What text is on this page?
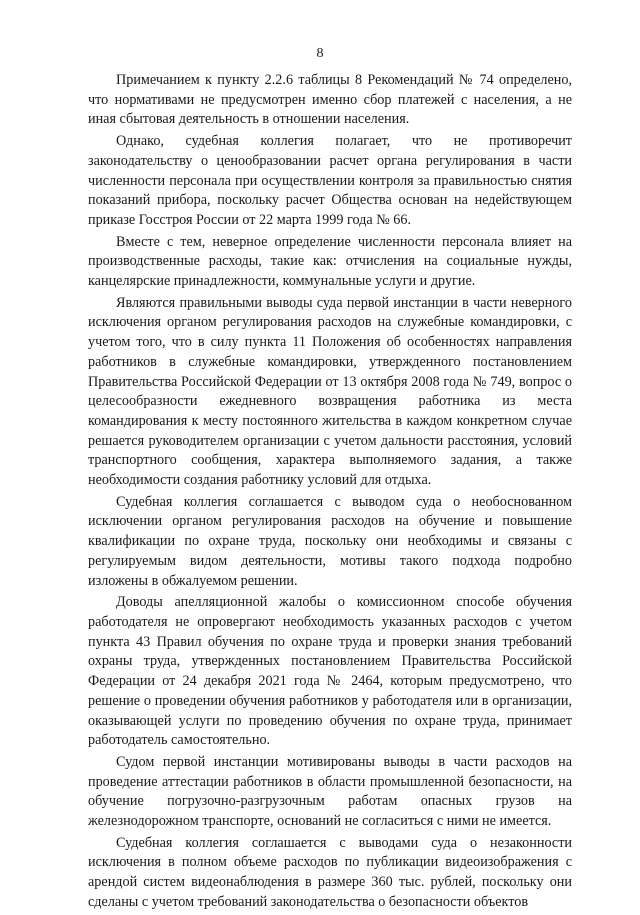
8

Примечанием к пункту 2.2.6 таблицы 8 Рекомендаций № 74 определено, что нормативами не предусмотрен именно сбор платежей с населения, а не иная сбытовая деятельность в отношении населения.

Однако, судебная коллегия полагает, что не противоречит законодательству о ценообразовании расчет органа регулирования в части численности персонала при осуществлении контроля за правильностью снятия показаний прибора, поскольку расчет Общества основан на недействующем приказе Госстроя России от 22 марта 1999 года № 66.

Вместе с тем, неверное определение численности персонала влияет на производственные расходы, такие как: отчисления на социальные нужды, канцелярские принадлежности, коммунальные услуги и другие.

Являются правильными выводы суда первой инстанции в части неверного исключения органом регулирования расходов на служебные командировки, с учетом того, что в силу пункта 11 Положения об особенностях направления работников в служебные командировки, утвержденного постановлением Правительства Российской Федерации от 13 октября 2008 года № 749, вопрос о целесообразности ежедневного возвращения работника из места командирования к месту постоянного жительства в каждом конкретном случае решается руководителем организации с учетом дальности расстояния, условий транспортного сообщения, характера выполняемого задания, а также необходимости создания работнику условий для отдыха.

Судебная коллегия соглашается с выводом суда о необоснованном исключении органом регулирования расходов на обучение и повышение квалификации по охране труда, поскольку они необходимы и связаны с регулируемым видом деятельности, мотивы такого подхода подробно изложены в обжалуемом решении.

Доводы апелляционной жалобы о комиссионном способе обучения работодателя не опровергают необходимость указанных расходов с учетом пункта 43 Правил обучения по охране труда и проверки знания требований охраны труда, утвержденных постановлением Правительства Российской Федерации от 24 декабря 2021 года № 2464, которым предусмотрено, что решение о проведении обучения работников у работодателя или в организации, оказывающей услуги по проведению обучения по охране труда, принимает работодатель самостоятельно.

Судом первой инстанции мотивированы выводы в части расходов на проведение аттестации работников в области промышленной безопасности, на обучение погрузочно-разгрузочным работам опасных грузов на железнодорожном транспорте, оснований не согласиться с ними не имеется.

Судебная коллегия соглашается с выводами суда о незаконности исключения в полном объеме расходов по публикации видеоизображения с арендой систем видеонаблюдения в размере 360 тыс. рублей, поскольку они сделаны с учетом требований законодательства о безопасности объектов
